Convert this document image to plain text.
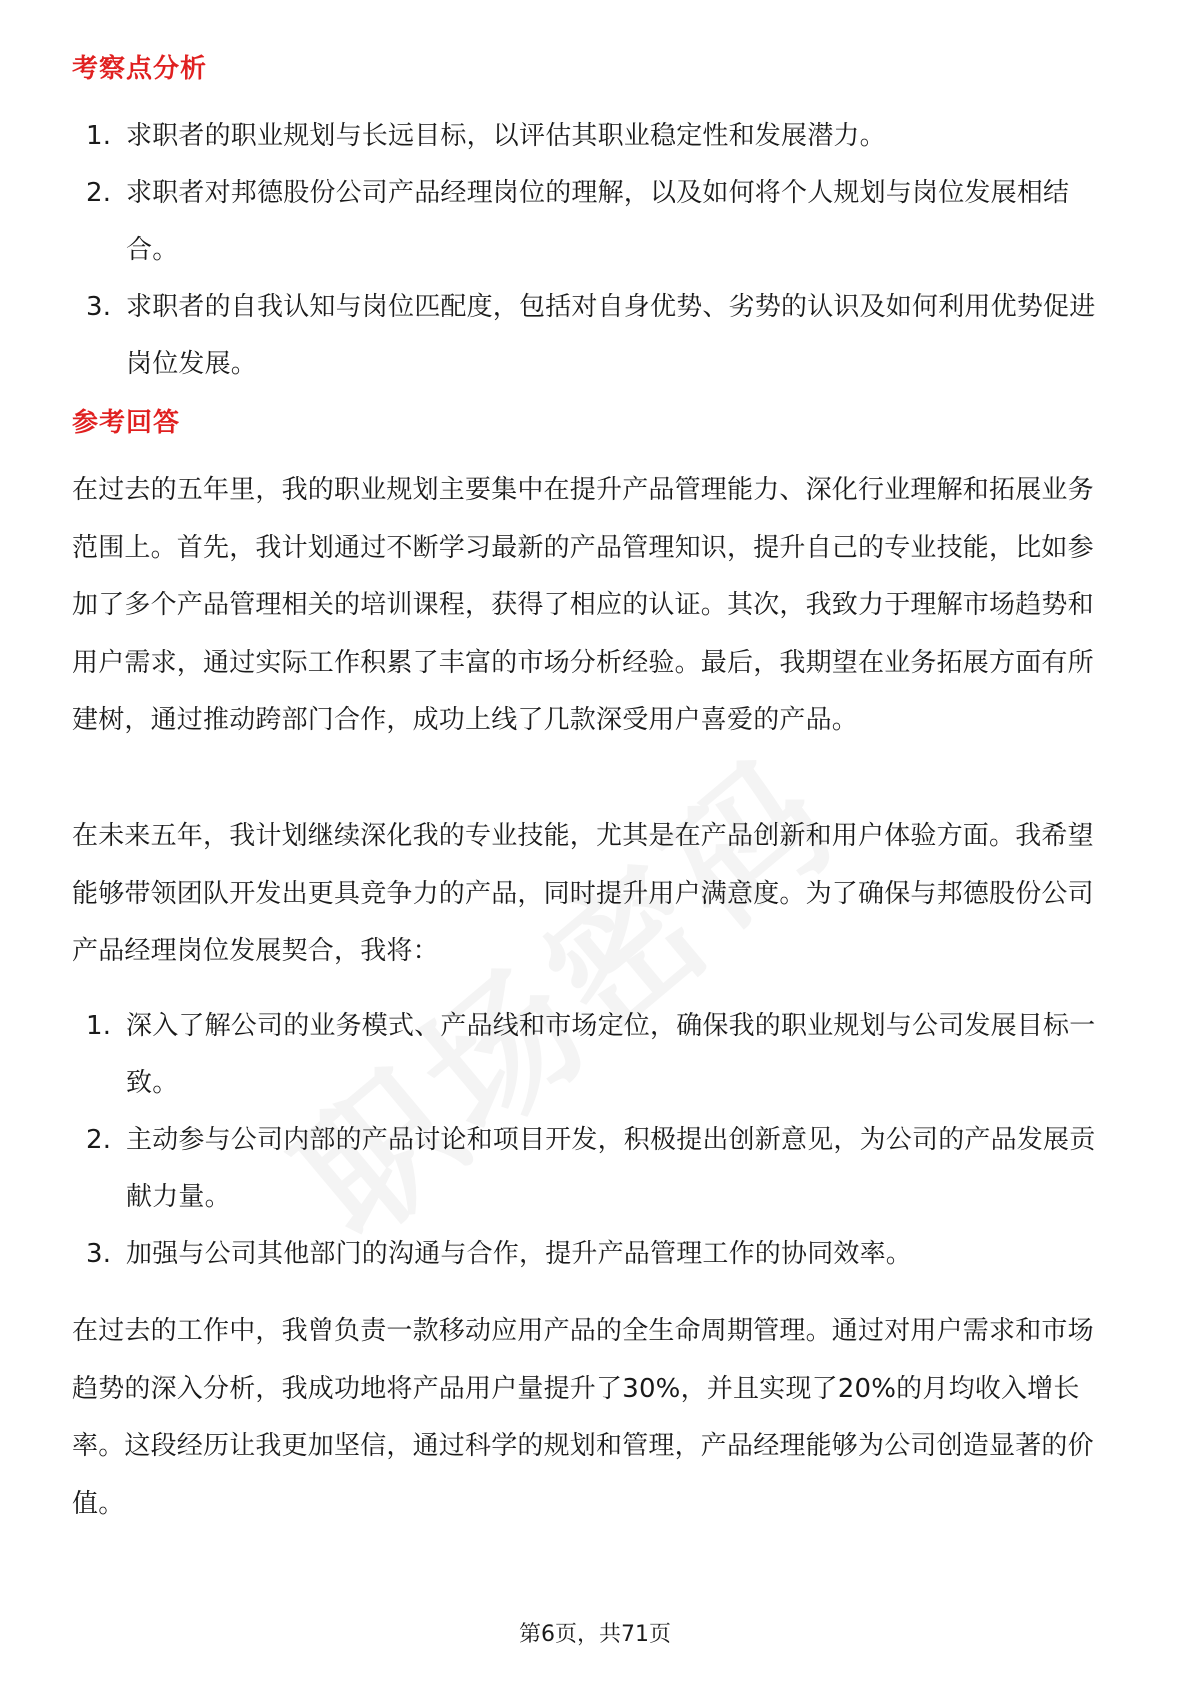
考察点分析
1. 求职者的职业规划与长远目标，以评估其职业稳定性和发展潜力。
2. 求职者对邦德股份公司产品经理岗位的理解，以及如何将个人规划与岗位发展相结合。
3. 求职者的自我认知与岗位匹配度，包括对自身优势、劣势的认识及如何利用优势促进岗位发展。
参考回答
在过去的五年里，我的职业规划主要集中在提升产品管理能力、深化行业理解和拓展业务范围上。首先，我计划通过不断学习最新的产品管理知识，提升自己的专业技能，比如参加了多个产品管理相关的培训课程，获得了相应的认证。其次，我致力于理解市场趋势和用户需求，通过实际工作积累了丰富的市场分析经验。最后，我期望在业务拓展方面有所建树，通过推动跨部门合作，成功上线了几款深受用户喜爱的产品。
在未来五年，我计划继续深化我的专业技能，尤其是在产品创新和用户体验方面。我希望能够带领团队开发出更具竞争力的产品，同时提升用户满意度。为了确保与邦德股份公司产品经理岗位发展契合，我将：
1. 深入了解公司的业务模式、产品线和市场定位，确保我的职业规划与公司发展目标一致。
2. 主动参与公司内部的产品讨论和项目开发，积极提出创新意见，为公司的产品发展贡献力量。
3. 加强与公司其他部门的沟通与合作，提升产品管理工作的协同效率。
在过去的工作中，我曾负责一款移动应用产品的全生命周期管理。通过对用户需求和市场趋势的深入分析，我成功地将产品用户量提升了30%，并且实现了20%的月均收入增长率。这段经历让我更加坚信，通过科学的规划和管理，产品经理能够为公司创造显著的价值。
第6页，共71页
